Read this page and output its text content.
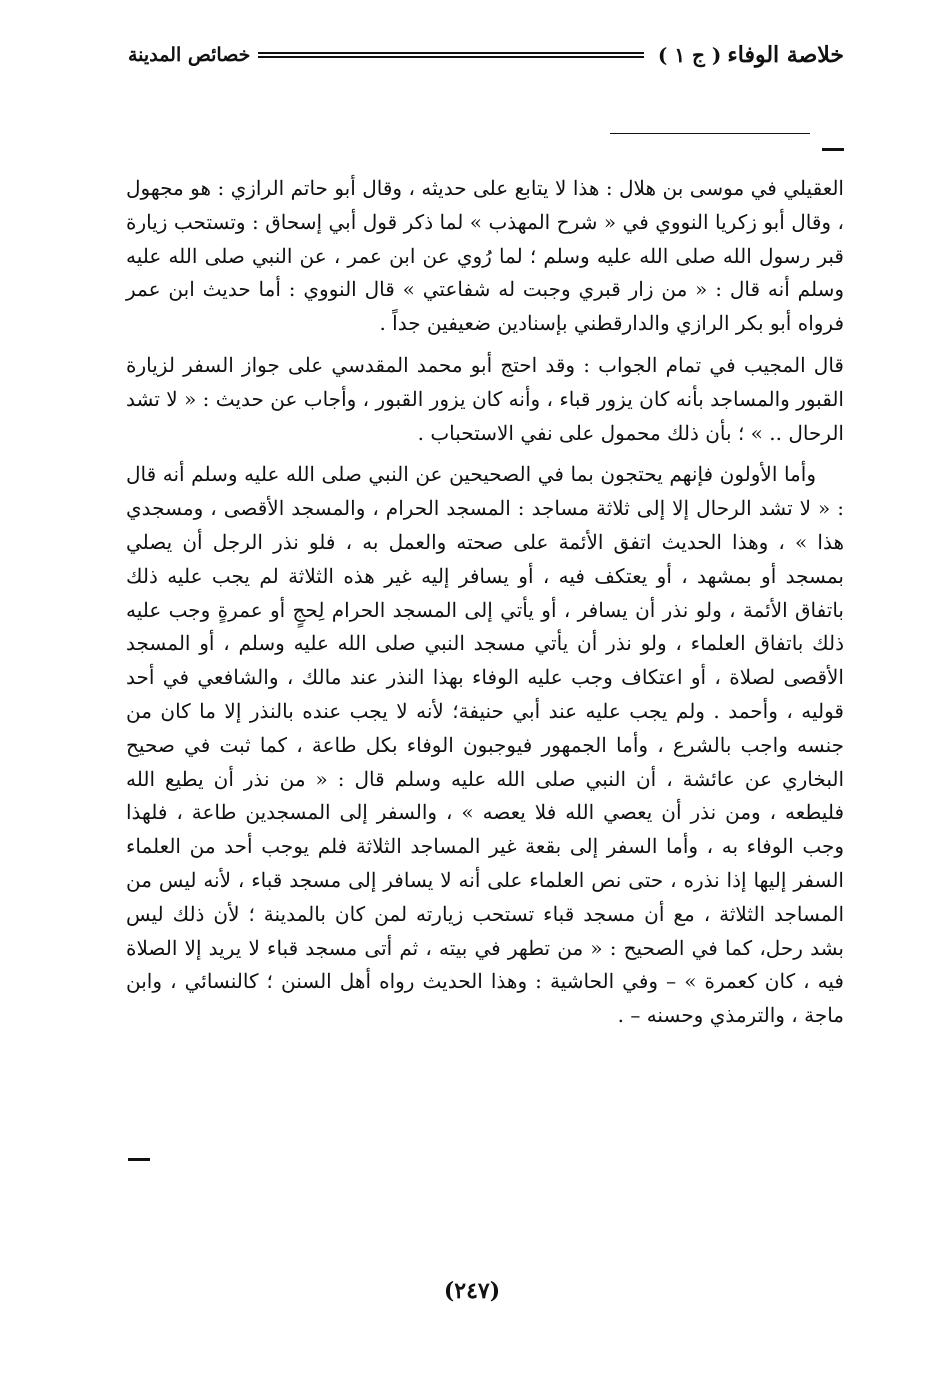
خلاصة الوفاء
( ج ١ )
خصائص المدينة

العقيلي في موسى بن هلال : هذا لا يتابع على حديثه ، وقال أبو حاتم الرازي : هو مجهول ، وقال أبو زكريا النووي في « شرح المهذب » لما ذكر قول أبي إسحاق : وتستحب زيارة قبر رسول الله صلى الله عليه وسلم ؛ لما رُوي عن ابن عمر ، عن النبي صلى الله عليه وسلم أنه قال : « من زار قبري وجبت له شفاعتي » قال النووي : أما حديث ابن عمر فرواه أبو بكر الرازي والدارقطني بإسنادين ضعيفين جداً .

قال المجيب في تمام الجواب : وقد احتج أبو محمد المقدسي على جواز السفر لزيارة القبور والمساجد بأنه كان يزور قباء ، وأنه كان يزور القبور ، وأجاب عن حديث : « لا تشد الرحال .. » ؛ بأن ذلك محمول على نفي الاستحباب .

وأما الأولون فإنهم يحتجون بما في الصحيحين عن النبي صلى الله عليه وسلم أنه قال : « لا تشد الرحال إلا إلى ثلاثة مساجد : المسجد الحرام ، والمسجد الأقصى ، ومسجدي هذا » ، وهذا الحديث اتفق الأئمة على صحته والعمل به ، فلو نذر الرجل أن يصلي بمسجد أو بمشهد ، أو يعتكف فيه ، أو يسافر إليه غير هذه الثلاثة لم يجب عليه ذلك باتفاق الأئمة ، ولو نذر أن يسافر ، أو يأتي إلى المسجد الحرام لِحجٍ أو عمرةٍ وجب عليه ذلك باتفاق العلماء ، ولو نذر أن يأتي مسجد النبي صلى الله عليه وسلم ، أو المسجد الأقصى لصلاة ، أو اعتكاف وجب عليه الوفاء بهذا النذر عند مالك ، والشافعي في أحد قوليه ، وأحمد . ولم يجب عليه عند أبي حنيفة؛ لأنه لا يجب عنده بالنذر إلا ما كان من جنسه واجب بالشرع ، وأما الجمهور فيوجبون الوفاء بكل طاعة ، كما ثبت في صحيح البخاري عن عائشة ، أن النبي صلى الله عليه وسلم قال : « من نذر أن يطيع الله فليطعه ، ومن نذر أن يعصي الله فلا يعصه » ، والسفر إلى المسجدين طاعة ، فلهذا وجب الوفاء به ، وأما السفر إلى بقعة غير المساجد الثلاثة فلم يوجب أحد من العلماء السفر إليها إذا نذره ، حتى نص العلماء على أنه لا يسافر إلى مسجد قباء ، لأنه ليس من المساجد الثلاثة ، مع أن مسجد قباء تستحب زيارته لمن كان بالمدينة ؛ لأن ذلك ليس بشد رحل، كما في الصحيح : « من تطهر في بيته ، ثم أتى مسجد قباء لا يريد إلا الصلاة فيه ، كان كعمرة » – وفي الحاشية : وهذا الحديث رواه أهل السنن ؛ كالنسائي ، وابن ماجة ، والترمذي وحسنه – .

(٢٤٧)
